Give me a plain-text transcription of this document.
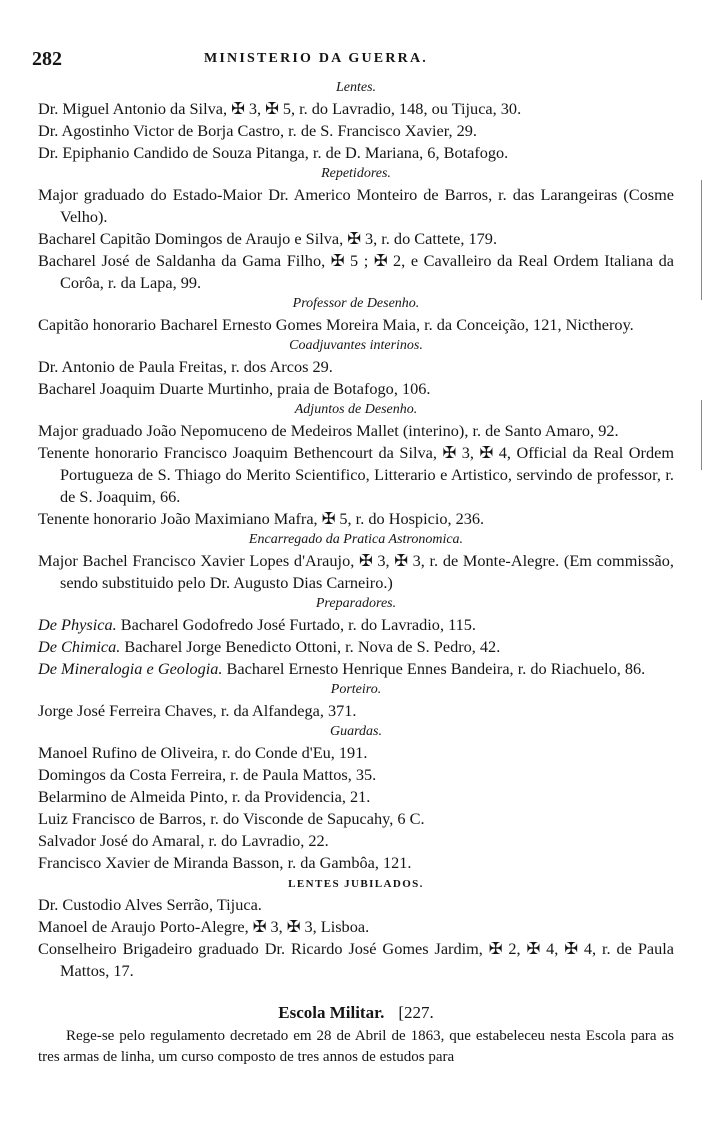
282	MINISTERIO DA GUERRA.
Lentes.
Dr. Miguel Antonio da Silva, ✠ 3, ✠ 5, r. do Lavradio, 148, ou Tijuca, 30.
Dr. Agostinho Victor de Borja Castro, r. de S. Francisco Xavier, 29.
Dr. Epiphanio Candido de Souza Pitanga, r. de D. Mariana, 6, Botafogo.
Repetidores.
Major graduado do Estado-Maior Dr. Americo Monteiro de Barros, r. das Larangeiras (Cosme Velho).
Bacharel Capitão Domingos de Araujo e Silva, ✠ 3, r. do Cattete, 179.
Bacharel José de Saldanha da Gama Filho, ✠ 5 ; ✠ 2, e Cavalleiro da Real Ordem Italiana da Corôa, r. da Lapa, 99.
Professor de Desenho.
Capitão honorario Bacharel Ernesto Gomes Moreira Maia, r. da Conceição, 121, Nictheroy.
Coadjuvantes interinos.
Dr. Antonio de Paula Freitas, r. dos Arcos 29.
Bacharel Joaquim Duarte Murtinho, praia de Botafogo, 106.
Adjuntos de Desenho.
Major graduado João Nepomuceno de Medeiros Mallet (interino), r. de Santo Amaro, 92.
Tenente honorario Francisco Joaquim Bethencourt da Silva, ✠ 3, ✠ 4, Official da Real Ordem Portugueza de S. Thiago do Merito Scientifico, Litterario e Artistico, servindo de professor, r. de S. Joaquim, 66.
Tenente honorario João Maximiano Mafra, ✠ 5, r. do Hospicio, 236.
Encarregado da Pratica Astronomica.
Major Bachel Francisco Xavier Lopes d'Araujo, ✠ 3, ✠ 3, r. de Monte-Alegre. (Em commissão, sendo substituido pelo Dr. Augusto Dias Carneiro.)
Preparadores.
De Physica. Bacharel Godofredo José Furtado, r. do Lavradio, 115.
De Chimica. Bacharel Jorge Benedicto Ottoni, r. Nova de S. Pedro, 42.
De Mineralogia e Geologia. Bacharel Ernesto Henrique Ennes Bandeira, r. do Riachuelo, 86.
Porteiro.
Jorge José Ferreira Chaves, r. da Alfandega, 371.
Guardas.
Manoel Rufino de Oliveira, r. do Conde d'Eu, 191.
Domingos da Costa Ferreira, r. de Paula Mattos, 35.
Belarmino de Almeida Pinto, r. da Providencia, 21.
Luiz Francisco de Barros, r. do Visconde de Sapucahy, 6 C.
Salvador José do Amaral, r. do Lavradio, 22.
Francisco Xavier de Miranda Basson, r. da Gambôa, 121.
LENTES JUBILADOS.
Dr. Custodio Alves Serrão, Tijuca.
Manoel de Araujo Porto-Alegre, ✠ 3, ✠ 3, Lisboa.
Conselheiro Brigadeiro graduado Dr. Ricardo José Gomes Jardim, ✠ 2, ✠ 4, ✠ 4, r. de Paula Mattos, 17.
Escola Militar. [227.
Rege-se pelo regulamento decretado em 28 de Abril de 1863, que estabeleceu nesta Escola para as tres armas de linha, um curso composto de tres annos de estudos para
